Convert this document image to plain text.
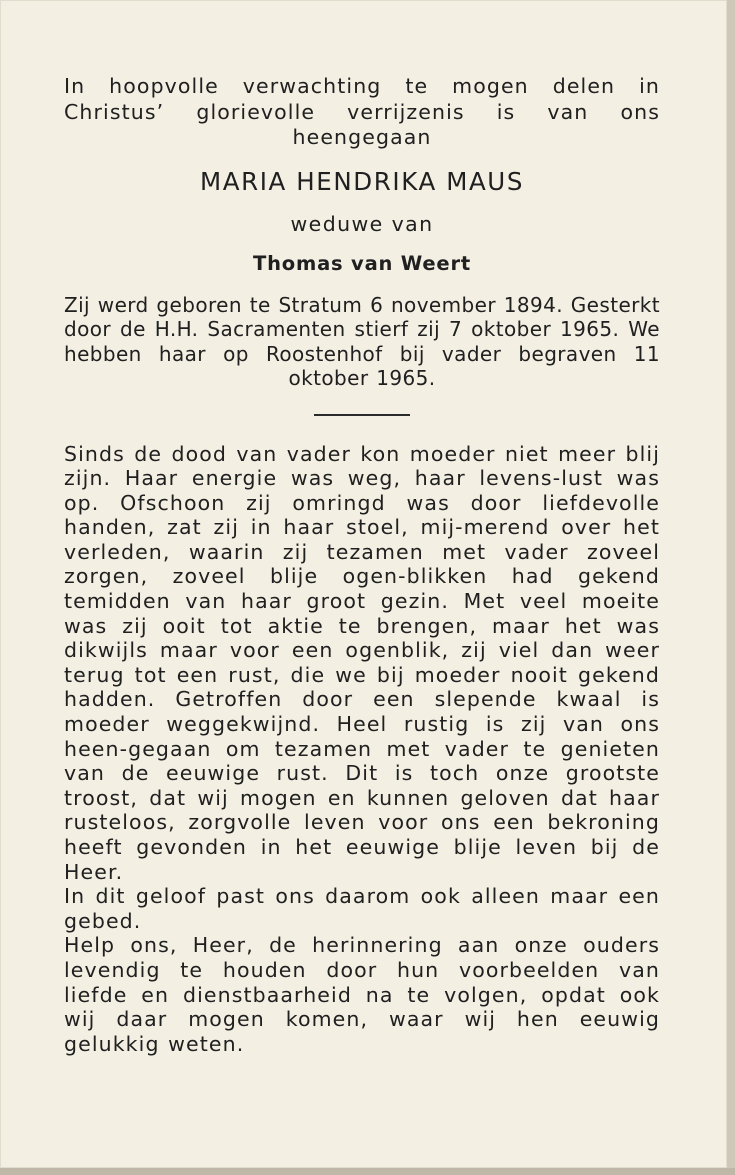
In hoopvolle verwachting te mogen delen in Christus’ glorievolle verrijzenis is van ons heengegaan

MARIA HENDRIKA MAUS
weduwe van
Thomas van Weert

Zij werd geboren te Stratum 6 november 1894. Gesterkt door de H.H. Sacramenten stierf zij 7 oktober 1965. We hebben haar op Roostenhof bij vader begraven 11 oktober 1965.

Sinds de dood van vader kon moeder niet meer blij zijn. Haar energie was weg, haar levens-lust was op. Ofschoon zij omringd was door liefdevolle handen, zat zij in haar stoel, mij-merend over het verleden, waarin zij tezamen met vader zoveel zorgen, zoveel blije ogen-blikken had gekend temidden van haar groot gezin. Met veel moeite was zij ooit tot aktie te brengen, maar het was dikwijls maar voor een ogenblik, zij viel dan weer terug tot een rust, die we bij moeder nooit gekend hadden. Getroffen door een slepende kwaal is moeder weggekwijnd. Heel rustig is zij van ons heen-gegaan om tezamen met vader te genieten van de eeuwige rust. Dit is toch onze grootste troost, dat wij mogen en kunnen geloven dat haar rusteloos, zorgvolle leven voor ons een bekroning heeft gevonden in het eeuwige blije leven bij de Heer.

In dit geloof past ons daarom ook alleen maar een gebed.

Help ons, Heer, de herinnering aan onze ouders levendig te houden door hun voorbeelden van liefde en dienstbaarheid na te volgen, opdat ook wij daar mogen komen, waar wij hen eeuwig gelukkig weten.
